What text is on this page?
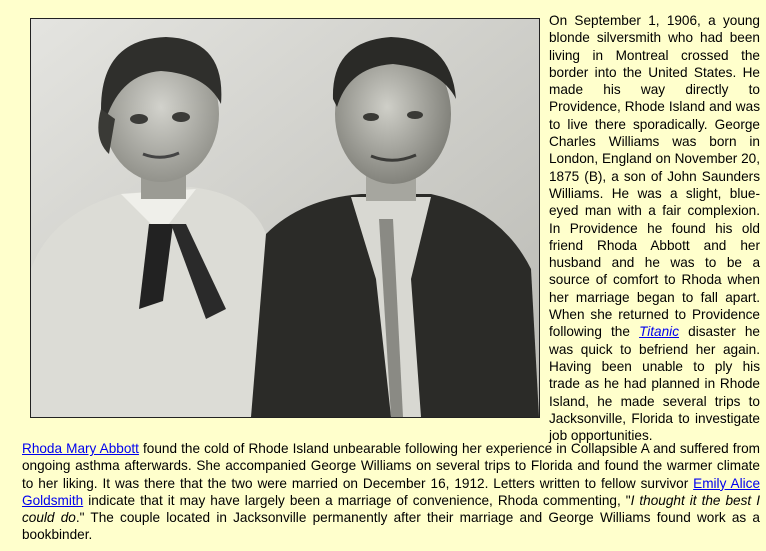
On September 1, 1906, a young blonde silversmith who had been living in Montreal crossed the border into the United States. He made his way directly to Providence, Rhode Island and was to live there sporadically. George Charles Williams was born in London, England on November 20, 1875 (B), a son of John Saunders Williams. He was a slight, blue-eyed man with a fair complexion. In Providence he found his old friend Rhoda Abbott and her husband and he was to be a source of comfort to Rhoda when her marriage began to fall apart. When she returned to Providence following the Titanic disaster he was quick to befriend her again. Having been unable to ply his trade as he had planned in Rhode Island, he made several trips to Jacksonville, Florida to investigate job opportunities.

Rhoda Mary Abbott found the cold of Rhode Island unbearable following her experience in Collapsible A and suffered from ongoing asthma afterwards. She accompanied George Williams on several trips to Florida and found the warmer climate to her liking. It was there that the two were married on December 16, 1912. Letters written to fellow survivor Emily Alice Goldsmith indicate that it may have largely been a marriage of convenience, Rhoda commenting, "I thought it the best I could do." The couple located in Jacksonville permanently after their marriage and George Williams found work as a bookbinder.
